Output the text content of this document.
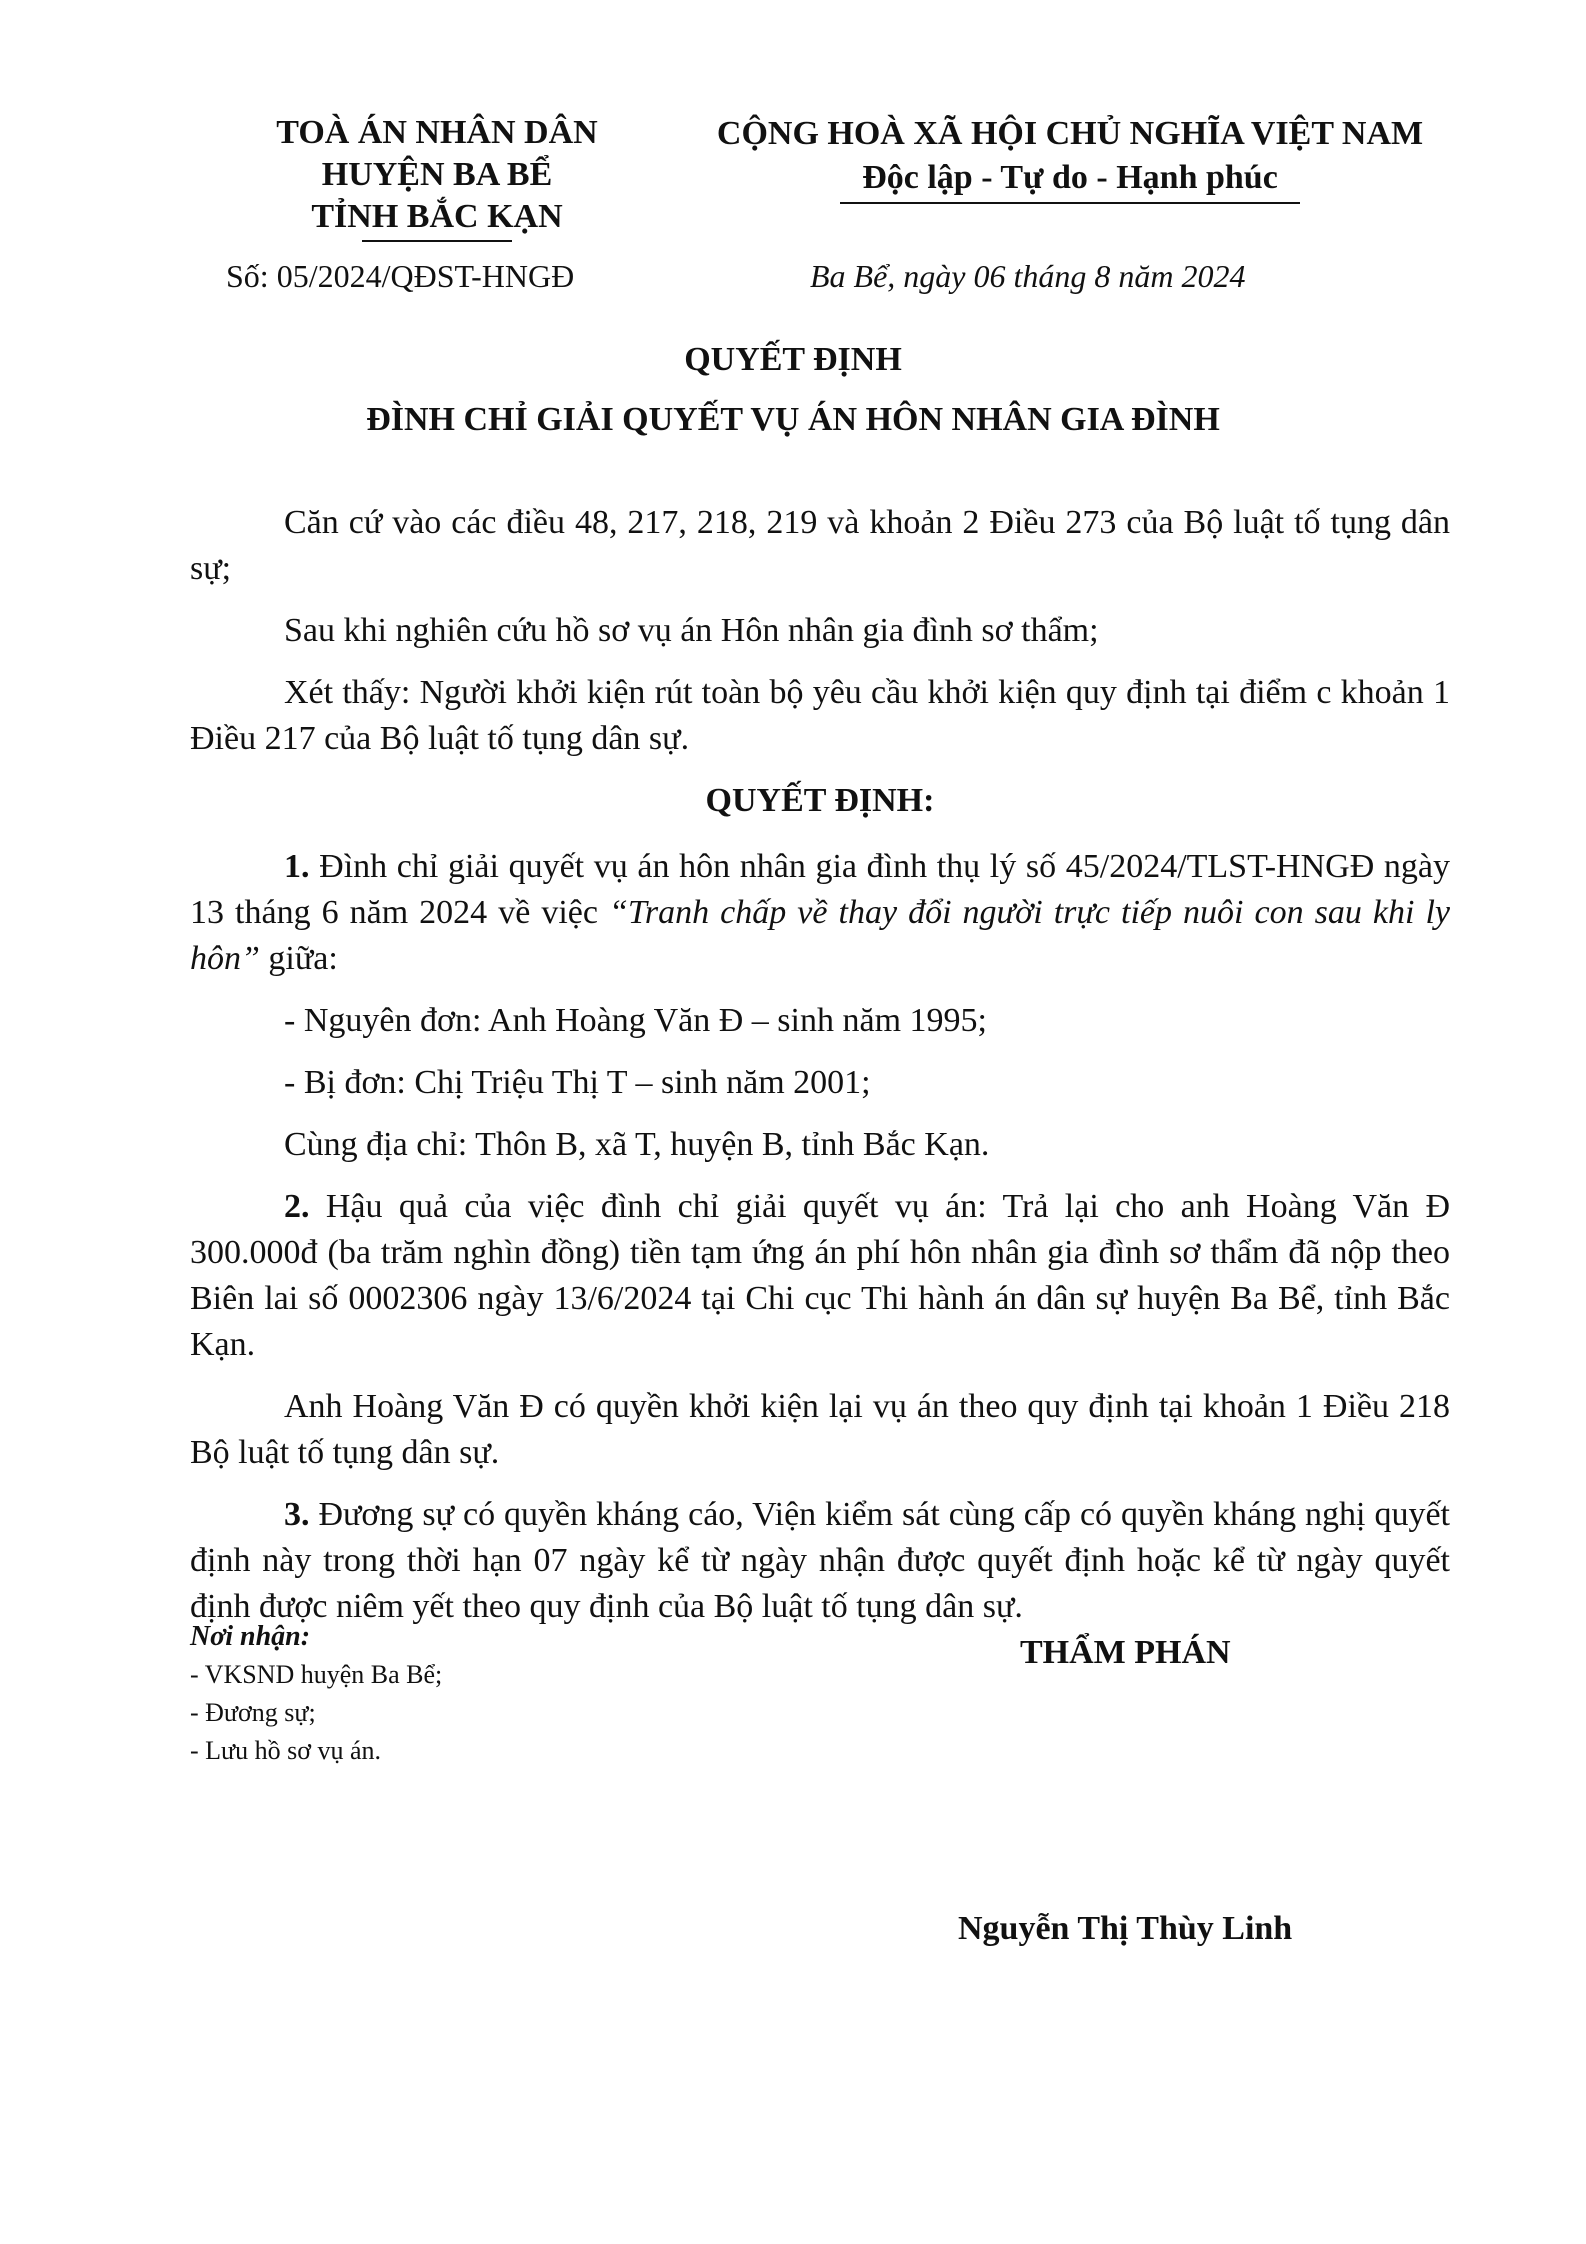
TOÀ ÁN NHÂN DÂN
HUYỆN BA BỂ
TỈNH BẮC KẠN
CỘNG HOÀ XÃ HỘI CHỦ NGHĨA VIỆT NAM
Độc lập - Tự do - Hạnh phúc
Số: 05/2024/QĐST-HNGĐ	Ba Bể, ngày 06 tháng 8 năm 2024
QUYẾT ĐỊNH
ĐÌNH CHỈ GIẢI QUYẾT VỤ ÁN HÔN NHÂN GIA ĐÌNH

Căn cứ vào các điều 48, 217, 218, 219 và khoản 2 Điều 273 của Bộ luật tố tụng dân sự;

Sau khi nghiên cứu hồ sơ vụ án Hôn nhân gia đình sơ thẩm;

Xét thấy: Người khởi kiện rút toàn bộ yêu cầu khởi kiện quy định tại điểm c khoản 1 Điều 217 của Bộ luật tố tụng dân sự.

QUYẾT ĐỊNH:

1. Đình chỉ giải quyết vụ án hôn nhân gia đình thụ lý số 45/2024/TLST-HNGĐ ngày 13 tháng 6 năm 2024 về việc “Tranh chấp về thay đổi người trực tiếp nuôi con sau khi ly hôn” giữa:

- Nguyên đơn: Anh Hoàng Văn Đ – sinh năm 1995;

- Bị đơn: Chị Triệu Thị T – sinh năm 2001;

Cùng địa chỉ: Thôn B, xã T, huyện B, tỉnh Bắc Kạn.

2. Hậu quả của việc đình chỉ giải quyết vụ án: Trả lại cho anh Hoàng Văn Đ 300.000đ (ba trăm nghìn đồng) tiền tạm ứng án phí hôn nhân gia đình sơ thẩm đã nộp theo Biên lai số 0002306 ngày 13/6/2024 tại Chi cục Thi hành án dân sự huyện Ba Bể, tỉnh Bắc Kạn.

Anh Hoàng Văn Đ có quyền khởi kiện lại vụ án theo quy định tại khoản 1 Điều 218 Bộ luật tố tụng dân sự.

3. Đương sự có quyền kháng cáo, Viện kiểm sát cùng cấp có quyền kháng nghị quyết định này trong thời hạn 07 ngày kể từ ngày nhận được quyết định hoặc kể từ ngày quyết định được niêm yết theo quy định của Bộ luật tố tụng dân sự.

Nơi nhận:
- VKSND huyện Ba Bể;
- Đương sự;
- Lưu hồ sơ vụ án.
THẨM PHÁN
Nguyễn Thị Thùy Linh
